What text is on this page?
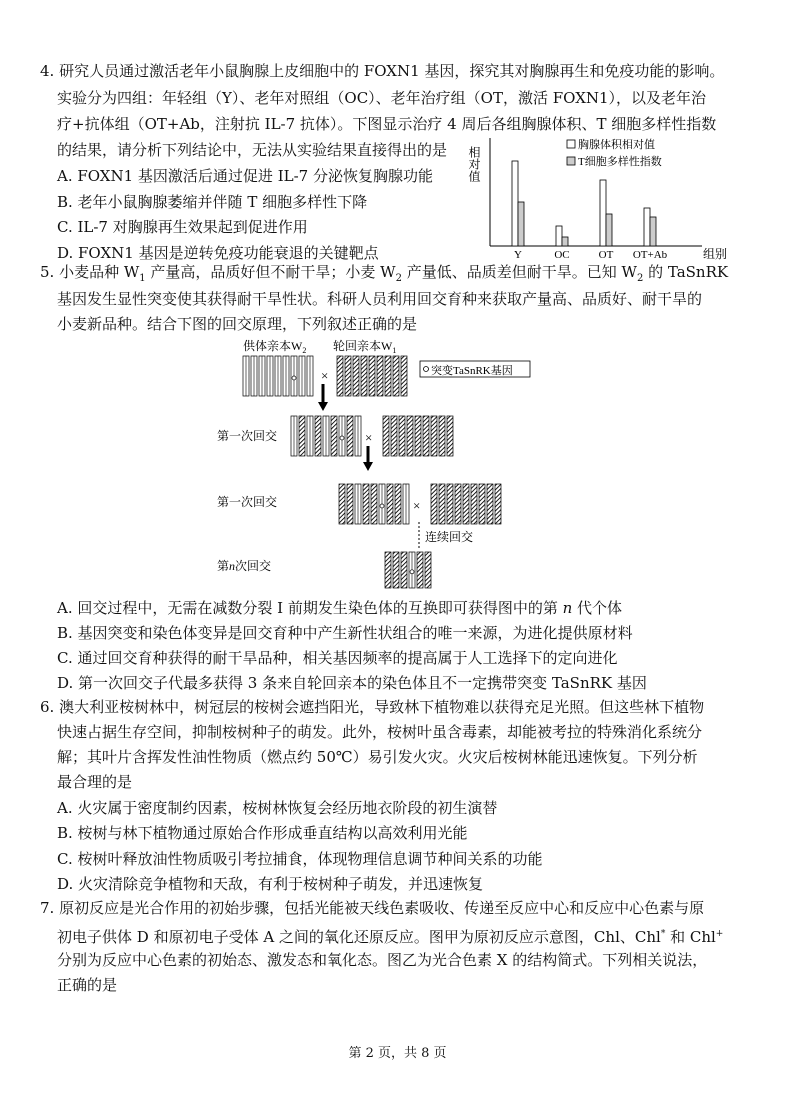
4. 研究人员通过激活老年小鼠胸腺上皮细胞中的 FOXN1 基因，探究其对胸腺再生和免疫功能的影响。
实验分为四组：年轻组（Y）、老年对照组（OC）、老年治疗组（OT，激活 FOXN1），以及老年治
疗+抗体组（OT+Ab，注射抗 IL-7 抗体）。下图显示治疗 4 周后各组胸腺体积、T 细胞多样性指数
的结果，请分析下列结论中，无法从实验结果直接得出的是
A. FOXN1 基因激活后通过促进 IL-7 分泌恢复胸腺功能
B. 老年小鼠胸腺萎缩并伴随 T 细胞多样性下降
C. IL-7 对胸腺再生效果起到促进作用
D. FOXN1 基因是逆转免疫功能衰退的关键靶点
相对值
组别
Y	OC	OT OT+Ab
胸腺体积相对值
T细胞多样性指数
5. 小麦品种 $W_1$ 产量高，品质好但不耐干旱；小麦 $W_2$ 产量低、品质差但耐干旱。已知 $W_2$ 的 TaSnRK
基因发生显性突变使其获得耐干旱性状。科研人员利用回交育种来获取产量高、品质好、耐干旱的
小麦新品种。结合下图的回交原理，下列叙述正确的是
供体亲本$W_2$ 轮回亲本$W_1$
×	突变TaSnRK基因
第一次回交	×
第一次回交	×
连续回交
第n次回交
A. 回交过程中，无需在减数分裂 Ⅰ 前期发生染色体的互换即可获得图中的第 n 代个体
B. 基因突变和染色体变异是回交育种中产生新性状组合的唯一来源，为进化提供原材料
C. 通过回交育种获得的耐干旱品种，相关基因频率的提高属于人工选择下的定向进化
D. 第一次回交子代最多获得 3 条来自轮回亲本的染色体且不一定携带突变 TaSnRK 基因
6. 澳大利亚桉树林中，树冠层的桉树会遮挡阳光，导致林下植物难以获得充足光照。但这些林下植物
快速占据生存空间，抑制桉树种子的萌发。此外，桉树叶虽含毒素，却能被考拉的特殊消化系统分
解；其叶片含挥发性油性物质（燃点约 50℃）易引发火灾。火灾后桉树林能迅速恢复。下列分析
最合理的是
A. 火灾属于密度制约因素，桉树林恢复会经历地衣阶段的初生演替
B. 桉树与林下植物通过原始合作形成垂直结构以高效利用光能
C. 桉树叶释放油性物质吸引考拉捕食，体现物理信息调节种间关系的功能
D. 火灾清除竞争植物和天敌，有利于桉树种子萌发，并迅速恢复
7. 原初反应是光合作用的初始步骤，包括光能被天线色素吸收、传递至反应中心和反应中心色素与原
初电子供体 D 和原初电子受体 A 之间的氧化还原反应。图甲为原初反应示意图，Chl、Chl* 和 Chl+
分别为反应中心色素的初始态、激发态和氧化态。图乙为光合色素 X 的结构简式。下列相关说法，
正确的是
第 2 页，共 8 页
